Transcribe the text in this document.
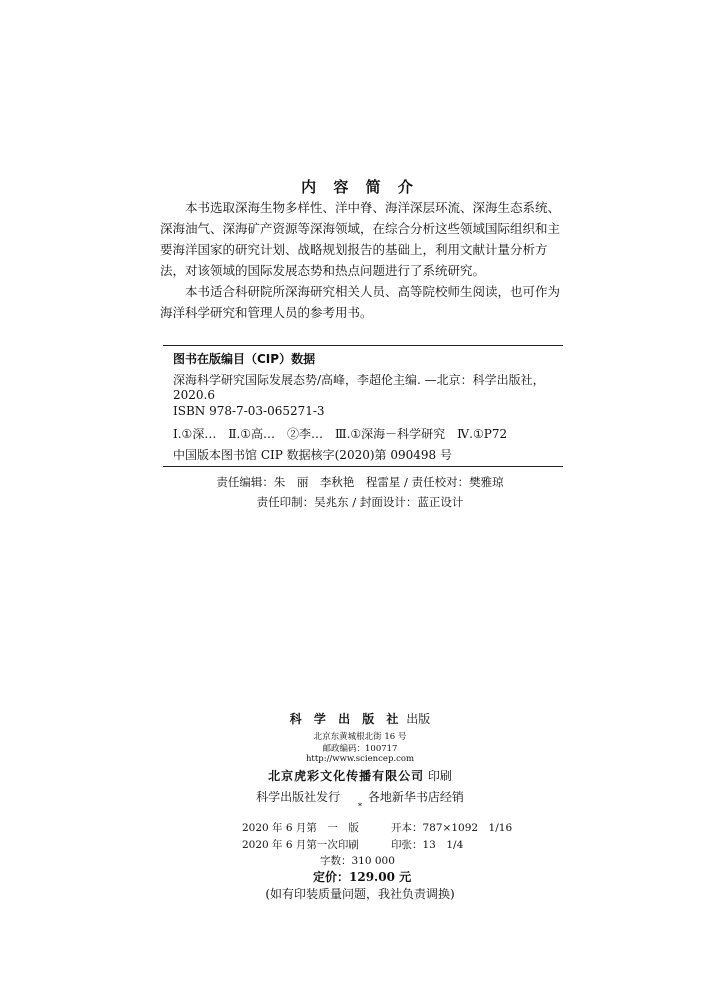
内 容 简 介
本书选取深海生物多样性、洋中脊、海洋深层环流、深海生态系统、深海油气、深海矿产资源等深海领域，在综合分析这些领域国际组织和主要海洋国家的研究计划、战略规划报告的基础上，利用文献计量分析方法，对该领域的国际发展态势和热点问题进行了系统研究。
本书适合科研院所深海研究相关人员、高等院校师生阅读，也可作为海洋科学研究和管理人员的参考用书。
图书在版编目（CIP）数据
深海科学研究国际发展态势/高峰，李超伦主编. —北京：科学出版社，
2020.6
ISBN 978-7-03-065271-3
Ⅰ.①深…　Ⅱ.①高…　②李…　Ⅲ.①深海－科学研究　Ⅳ.①P72
中国版本图书馆 CIP 数据核字(2020)第 090498 号
责任编辑：朱　丽　李秋艳　程雷星 / 责任校对：樊雅琼
责任印制：吴兆东 / 封面设计：蓝正设计
科 学 出 版 社 出版
北京东黄城根北街 16 号
邮政编码：100717
http://www.sciencep.com
北京虎彩文化传播有限公司 印刷
科学出版社发行 各地新华书店经销
*
2020 年 6 月第　一　版	开本：787×1092　1/16
2020 年 6 月第一次印刷	印张：13　1/4
字数：310 000
定价：129.00 元
(如有印装质量问题，我社负责调换)
